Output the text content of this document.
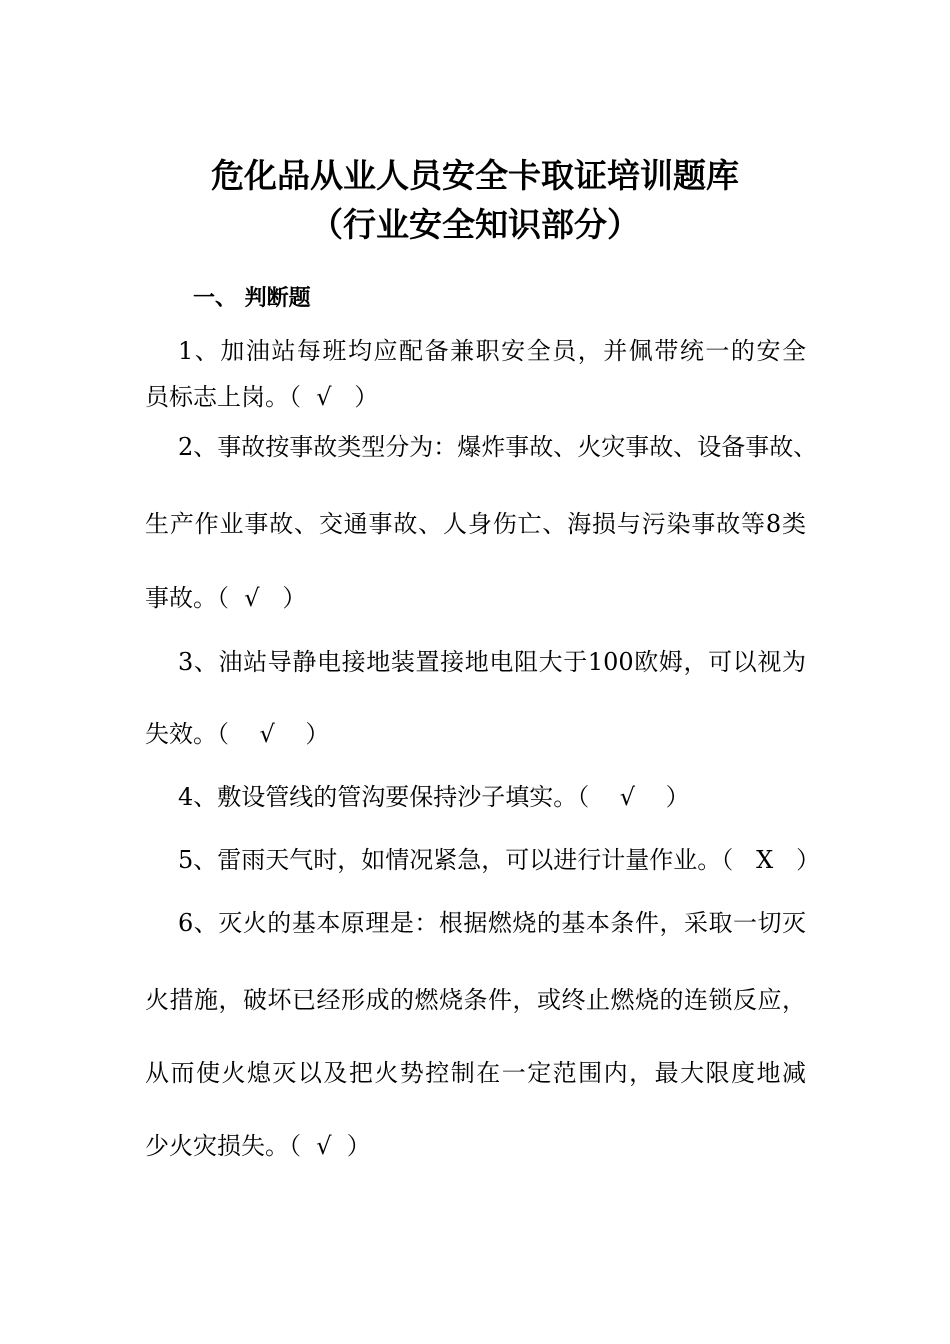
危化品从业人员安全卡取证培训题库
（行业安全知识部分）
一、 判断题
1、加油站每班均应配备兼职安全员，并佩带统一的安全
员标志上岗。（  √   ）
2、事故按事故类型分为：爆炸事故、火灾事故、设备事故、
生产作业事故、交通事故、人身伤亡、海损与污染事故等8类
事故。（  √   ）
3、油站导静电接地装置接地电阻大于100欧姆，可以视为
失效。（    √    ）
4、敷设管线的管沟要保持沙子填实。（    √    ）
5、雷雨天气时，如情况紧急，可以进行计量作业。（   X   ）
6、灭火的基本原理是：根据燃烧的基本条件，采取一切灭
火措施，破坏已经形成的燃烧条件，或终止燃烧的连锁反应，
从而使火熄灭以及把火势控制在一定范围内，最大限度地减
少火灾损失。（  √  ）
